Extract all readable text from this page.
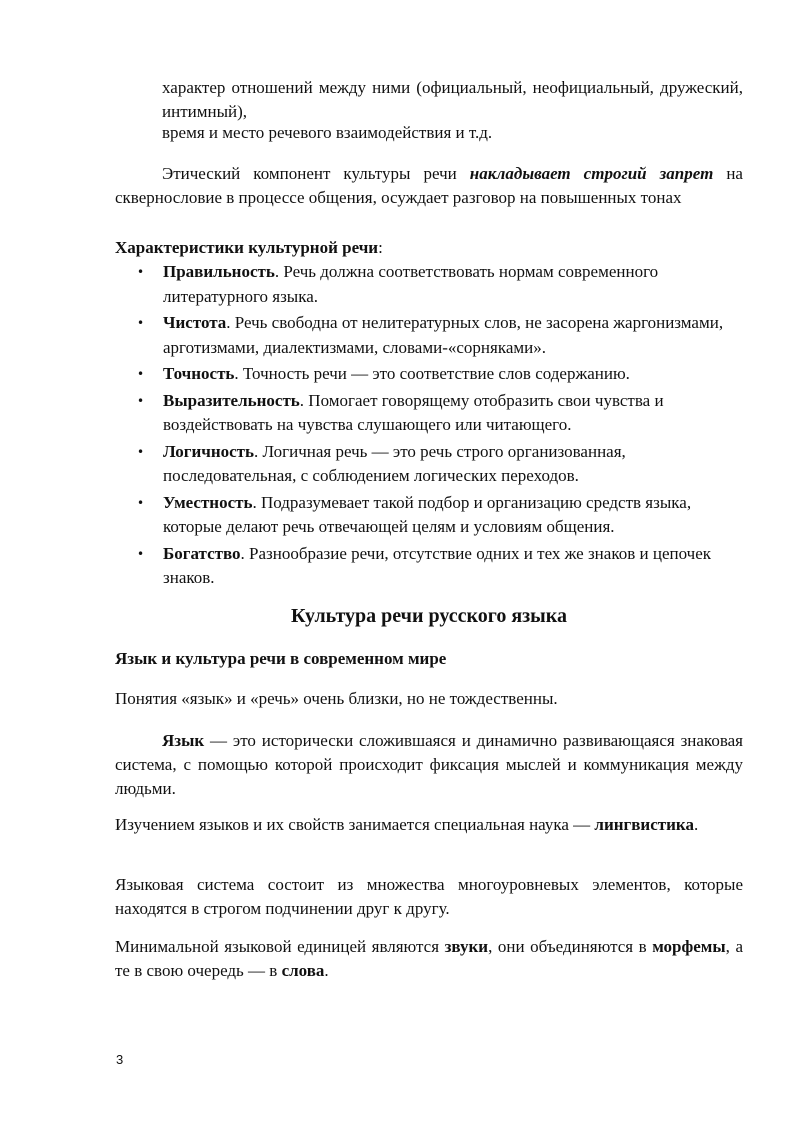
характер отношений между ними (официальный, неофициальный, дружеский, интимный),

время и место речевого взаимодействия и т.д.

Этический компонент культуры речи накладывает строгий запрет на сквернословие в процессе общения, осуждает разговор на повышенных тонах

Характеристики культурной речи:

• Правильность. Речь должна соответствовать нормам современного литературного языка.
• Чистота. Речь свободна от нелитературных слов, не засорена жаргонизмами, арготизмами, диалектизмами, словами-«сорняками».
• Точность. Точность речи — это соответствие слов содержанию.
• Выразительность. Помогает говорящему отобразить свои чувства и воздействовать на чувства слушающего или читающего.
• Логичность. Логичная речь — это речь строго организованная, последовательная, с соблюдением логических переходов.
• Уместность. Подразумевает такой подбор и организацию средств языка, которые делают речь отвечающей целям и условиям общения.
• Богатство. Разнообразие речи, отсутствие одних и тех же знаков и цепочек знаков.
Культура речи русского языка

Язык и культура речи в современном мире

Понятия «язык» и «речь» очень близки, но не тождественны.

Язык — это исторически сложившаяся и динамично развивающаяся знаковая система, с помощью которой происходит фиксация мыслей и коммуникация между людьми.

Изучением языков и их свойств занимается специальная наука — лингвистика.

Языковая система состоит из множества многоуровневых элементов, которые находятся в строгом подчинении друг к другу.

Минимальной языковой единицей являются звуки, они объединяются в морфемы, а те в свою очередь — в слова.

3
